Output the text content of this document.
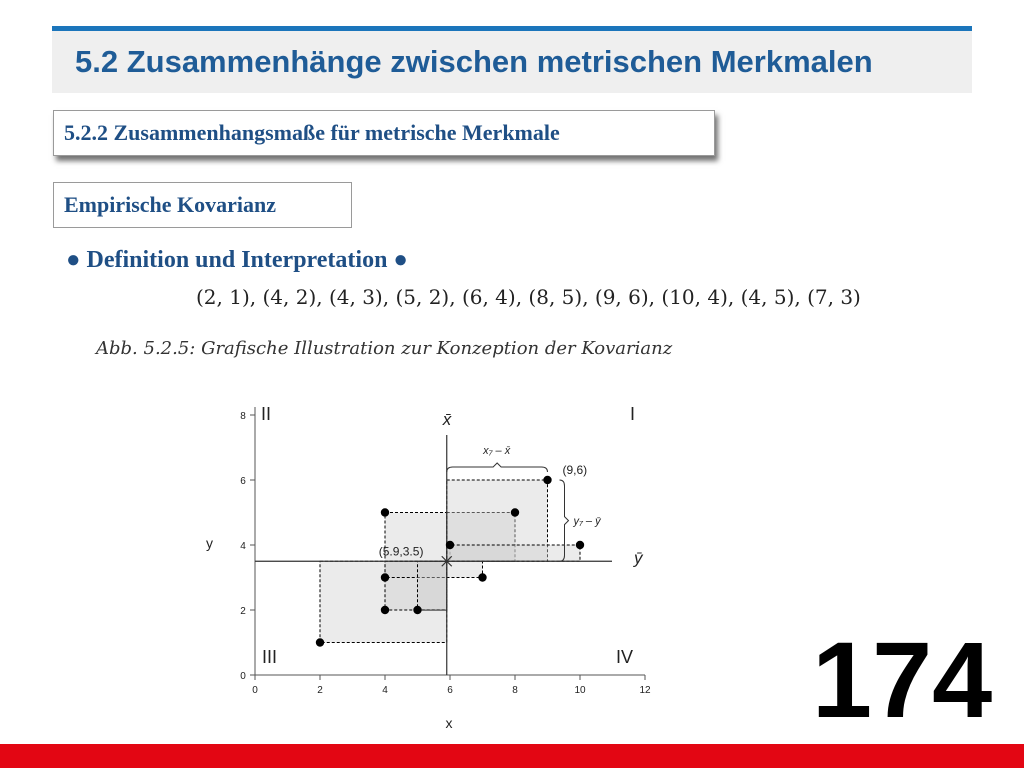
5.2 Zusammenhänge zwischen metrischen Merkmalen
5.2.2 Zusammenhangsmaße für metrische Merkmale
Empirische Kovarianz
● Definition und Interpretation ●
(2, 1), (4, 2), (4, 3), (5, 2), (6, 4), (8, 5), (9, 6), (10, 4), (4, 5), (7, 3)
Abb. 5.2.5: Grafische Illustration zur Konzeption der Kovarianz
0	2	4	6	8	10	12
0
2
4
6
8
x
y
(5.9,3.5)
x̄
ȳ
I
II
III	IV
(9,6)
x₇ – x̄
y₇ – ȳ
174
